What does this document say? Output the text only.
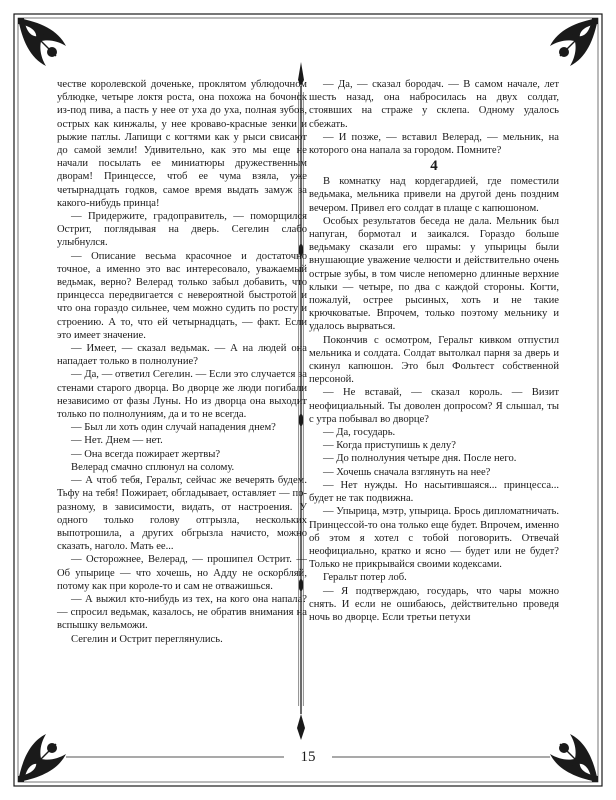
честве королевской доченьке, проклятом ублюдочном ублюдке, четыре локтя роста, она похожа на бочонок из-под пива, а пасть у нее от уха до уха, полная зубов, острых как кинжалы, у нее кроваво-красные зенки и рыжие патлы. Лапищи с когтями как у рыси свисают до самой земли! Удивительно, как это мы еще не начали посылать ее миниатюры дружественным дворам! Принцессе, чтоб ее чума взяла, уже четырнадцать годков, самое время выдать замуж за какого-нибудь принца!

— Придержите, градоправитель, — поморщился Острит, поглядывая на дверь. Сегелин слабо улыбнулся.

— Описание весьма красочное и достаточно точное, а именно это вас интересовало, уважаемый ведьмак, верно? Велерад только забыл добавить, что принцесса передвигается с невероятной быстротой и что она гораздо сильнее, чем можно судить по росту и строению. А то, что ей четырнадцать, — факт. Если это имеет значение.

— Имеет, — сказал ведьмак. — А на людей она нападает только в полнолуние?

— Да, — ответил Сегелин. — Если это случается за стенами старого дворца. Во дворце же люди погибали независимо от фазы Луны. Но из дворца она выходит только по полнолуниям, да и то не всегда.

— Был ли хоть один случай нападения днем?

— Нет. Днем — нет.

— Она всегда пожирает жертвы?

Велерад смачно сплюнул на солому.

— А чтоб тебя, Геральт, сейчас же вечерять будем. Тьфу на тебя! Пожирает, обгладывает, оставляет — по-разному, в зависимости, видать, от настроения. У одного только голову отгрызла, нескольких выпотрошила, а других обгрызла начисто, можно сказать, наголо. Мать ее...

— Осторожнее, Велерад, — прошипел Острит. — Об упырице — что хочешь, но Адду не оскорбляй, потому как при короле-то и сам не отважишься.

— А выжил кто-нибудь из тех, на кого она напала? — спросил ведьмак, казалось, не обратив внимания на вспышку вельможи.

Сегелин и Острит переглянулись.

— Да, — сказал бородач. — В самом начале, лет шесть назад, она набросилась на двух солдат, стоявших на страже у склепа. Одному удалось сбежать.

— И позже, — вставил Велерад, — мельник, на которого она напала за городом. Помните?

4

В комнатку над кордегардией, где поместили ведьмака, мельника привели на другой день поздним вечером. Привел его солдат в плаще с капюшоном.

Особых результатов беседа не дала. Мельник был напуган, бормотал и заикался. Гораздо больше ведьмаку сказали его шрамы: у упырицы были внушающие уважение челюсти и действительно очень острые зубы, в том числе непомерно длинные верхние клыки — четыре, по два с каждой стороны. Когти, пожалуй, острее рысиных, хоть и не такие крючковатые. Впрочем, только поэтому мельнику и удалось вырваться.

Покончив с осмотром, Геральт кивком отпустил мельника и солдата. Солдат вытолкал парня за дверь и скинул капюшон. Это был Фольтест собственной персоной.

— Не вставай, — сказал король. — Визит неофициальный. Ты доволен допросом? Я слышал, ты с утра побывал во дворце?

— Да, государь.

— Когда приступишь к делу?

— До полнолуния четыре дня. После него.

— Хочешь сначала взглянуть на нее?

— Нет нужды. Но насытившаяся... принцесса... будет не так подвижна.

— Упырица, мэтр, упырица. Брось дипломатничать. Принцессой-то она только еще будет. Впрочем, именно об этом я хотел с тобой поговорить. Отвечай неофициально, кратко и ясно — будет или не будет? Только не прикрывайся своими кодексами.

Геральт потер лоб.

— Я подтверждаю, государь, что чары можно снять. И если не ошибаюсь, действительно проведя ночь во дворце. Если третьи петухи

15
